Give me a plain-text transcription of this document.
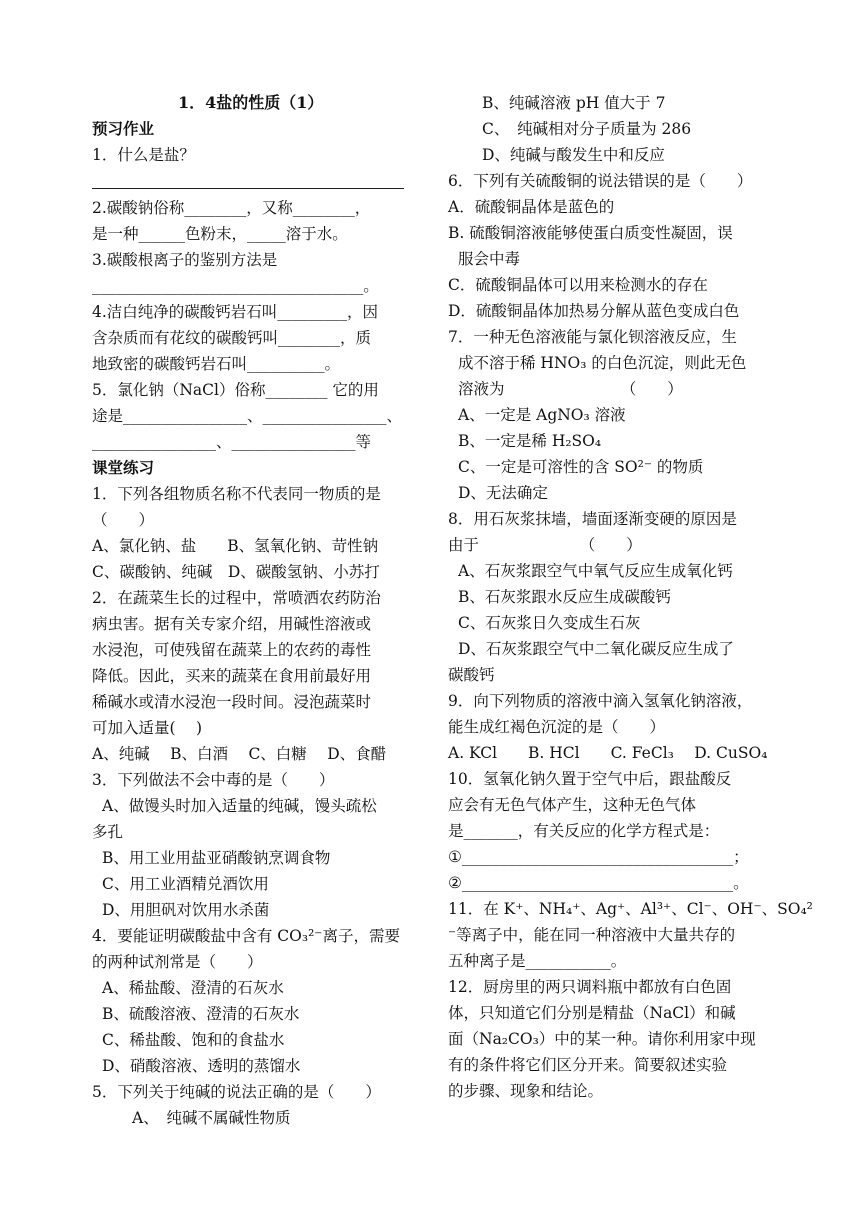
1．4盐的性质（1）
预习作业
1．什么是盐？
2.碳酸钠俗称________，又称________，
是一种______色粉末，_____溶于水。
3.碳酸根离子的鉴别方法是
___________________________________。
4.洁白纯净的碳酸钙岩石叫_________，因
含杂质而有花纹的碳酸钙叫________，质
地致密的碳酸钙岩石叫__________。
5．氯化钠（NaCl）俗称________ 它的用
途是________________、________________、
________________、________________等
课堂练习
1．下列各组物质名称不代表同一物质的是
（　　）
A、氯化钠、盐　　B、氢氧化钠、苛性钠
C、碳酸钠、纯碱　D、碳酸氢钠、小苏打
2．在蔬菜生长的过程中，常喷洒农药防治
病虫害。据有关专家介绍，用碱性溶液或
水浸泡，可使残留在蔬菜上的农药的毒性
降低。因此，买来的蔬菜在食用前最好用
稀碱水或清水浸泡一段时间。浸泡蔬菜时
可加入适量(　 )
A、纯碱　 B、白酒　 C、白糖　 D、食醋
3．下列做法不会中毒的是（　　）
A、做馒头时加入适量的纯碱，馒头疏松
多孔
B、用工业用盐亚硝酸钠烹调食物
C、用工业酒精兑酒饮用
D、用胆矾对饮用水杀菌
4．要能证明碳酸盐中含有 CO₃²⁻离子，需要
的两种试剂常是（　　）
A、稀盐酸、澄清的石灰水
B、硫酸溶液、澄清的石灰水
C、稀盐酸、饱和的食盐水
D、硝酸溶液、透明的蒸馏水
5．下列关于纯碱的说法正确的是（　　）
A、　纯碱不属碱性物质
B、纯碱溶液 pH 值大于 7
C、　纯碱相对分子质量为 286
D、纯碱与酸发生中和反应
6．下列有关硫酸铜的说法错误的是（　　）
A．硫酸铜晶体是蓝色的
B. 硫酸铜溶液能够使蛋白质变性凝固，误
服会中毒
C．硫酸铜晶体可以用来检测水的存在
D．硫酸铜晶体加热易分解从蓝色变成白色
7．一种无色溶液能与氯化钡溶液反应，生
成不溶于稀 HNO₃ 的白色沉淀，则此无色
溶液为　　　　　　　　（　　）
A、一定是 AgNO₃ 溶液
B、一定是稀 H₂SO₄
C、一定是可溶性的含 SO²⁻ 的物质
D、无法确定
8．用石灰浆抹墙，墙面逐渐变硬的原因是
由于　　　　　　　（　　）
A、石灰浆跟空气中氧气反应生成氧化钙
B、石灰浆跟水反应生成碳酸钙
C、石灰浆日久变成生石灰
D、石灰浆跟空气中二氧化碳反应生成了
碳酸钙
9．向下列物质的溶液中滴入氢氧化钠溶液，
能生成红褐色沉淀的是（　　）
A. KCl　　B. HCl　　C. FeCl₃　 D. CuSO₄
10．氢氧化钠久置于空气中后，跟盐酸反
应会有无色气体产生，这种无色气体
是_______，有关反应的化学方程式是：
①___________________________________；
②___________________________________。
11．在 K⁺、NH₄⁺、Ag⁺、Al³⁺、Cl⁻、OH⁻、SO₄²
⁻等离子中，能在同一种溶液中大量共存的
五种离子是___________。
12．厨房里的两只调料瓶中都放有白色固
体，只知道它们分别是精盐（NaCl）和碱
面（Na₂CO₃）中的某一种。请你利用家中现
有的条件将它们区分开来。简要叙述实验
的步骤、现象和结论。
